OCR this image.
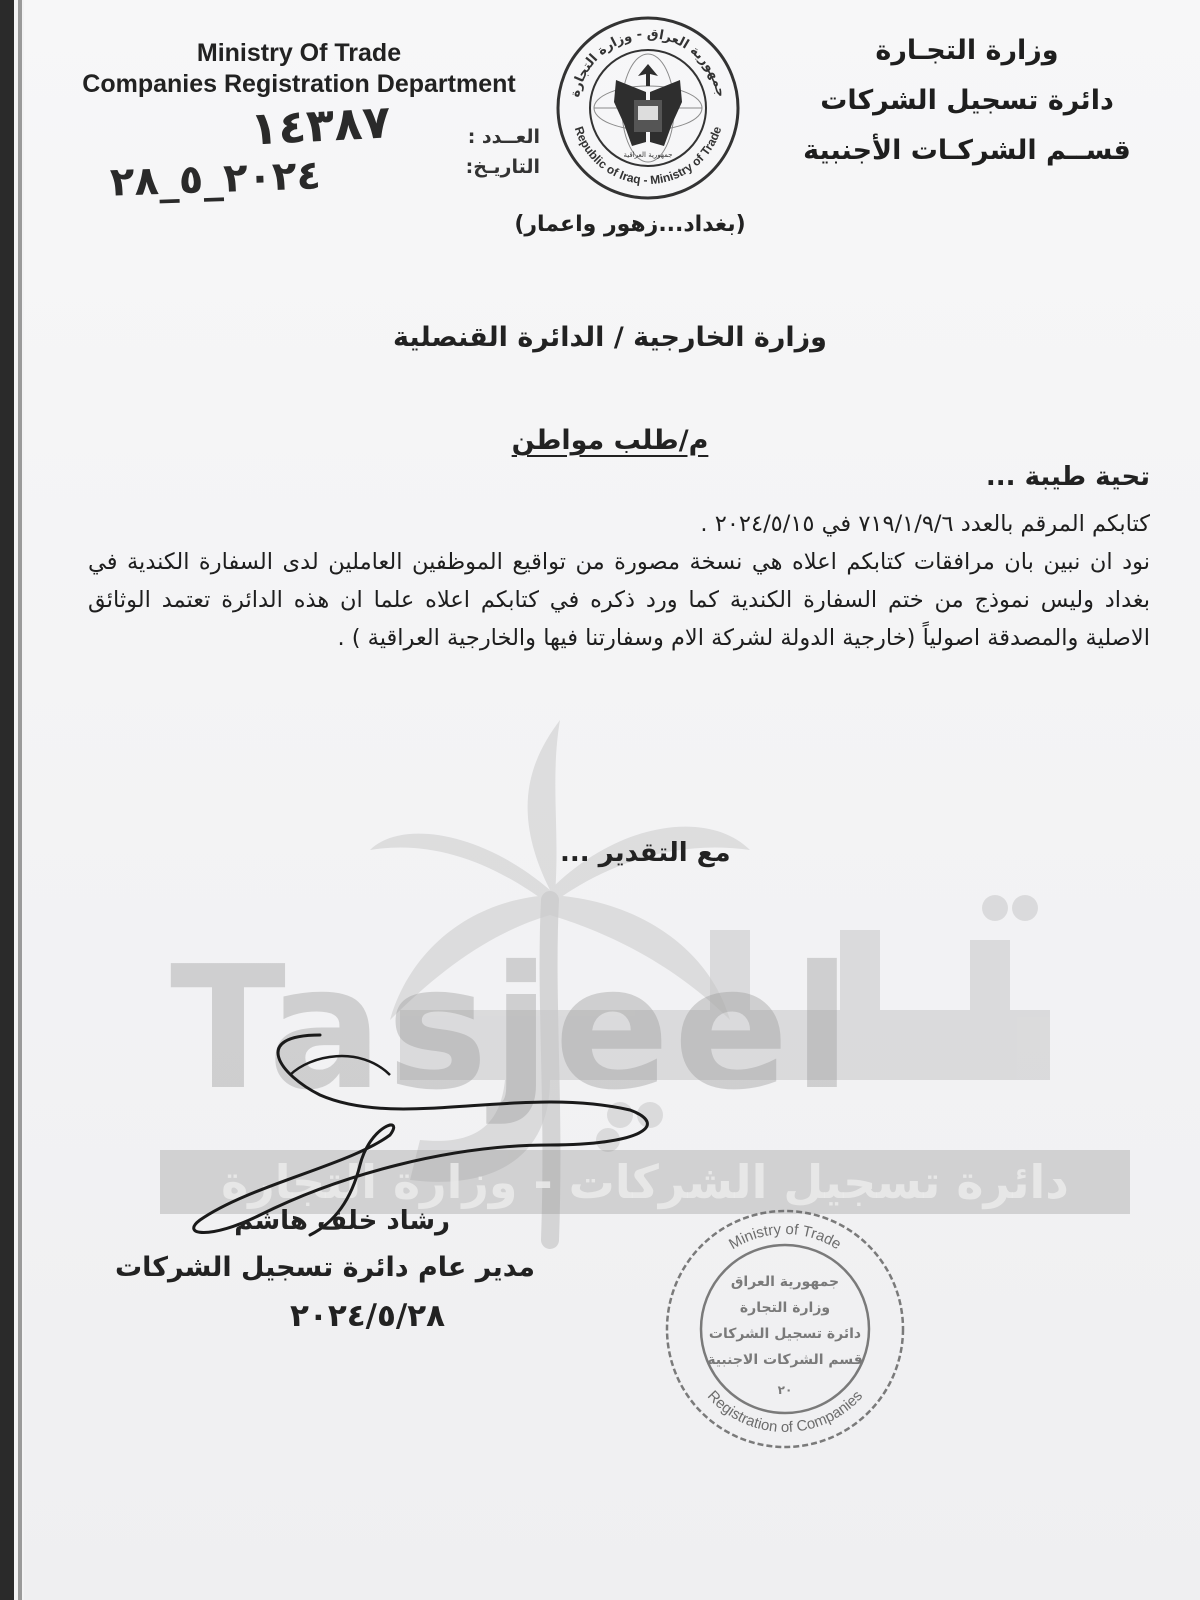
Ministry Of Trade
Companies Registration Department
وزارة التجـارة
دائرة تسجيل الشركات
قســم الشركـات الأجنبية
العــدد :
التاريـخ:
١٤٣٨٧
٢٠٢٤_٥_٢٨
جمهورية العراق - وزارة التجارة
Republic of Iraq - Ministry of Trade
جمهورية العراقية
(بغداد...زهور واعمار)
وزارة الخارجية / الدائرة القنصلية
م/طلب مواطن
تحية طيبة ...

كتابكم المرقم بالعدد ٧١٩/١/٩/٦ في ٢٠٢٤/٥/١٥ .

نود ان نبين بان مرافقات كتابكم اعلاه هي نسخة مصورة من تواقيع الموظفين العاملين لدى السفارة الكندية في بغداد وليس نموذج من ختم السفارة الكندية كما ورد ذكره في كتابكم اعلاه علما ان هذه الدائرة تعتمد الوثائق الاصلية والمصدقة اصولياً (خارجية الدولة لشركة الام وسفارتنا فيها والخارجية العراقية ) .

Tasjeel
دائرة تسجيل الشركات - وزارة التجارة
مع التقدير ...
رشاد خلف هاشم
مدير عام دائرة تسجيل الشركات
٢٠٢٤/٥/٢٨
Ministry of Trade
Registration of Companies
جمهورية العراق
وزارة التجارة
دائرة تسجيل الشركات
قسم الشركات الاجنبية
٢٠
